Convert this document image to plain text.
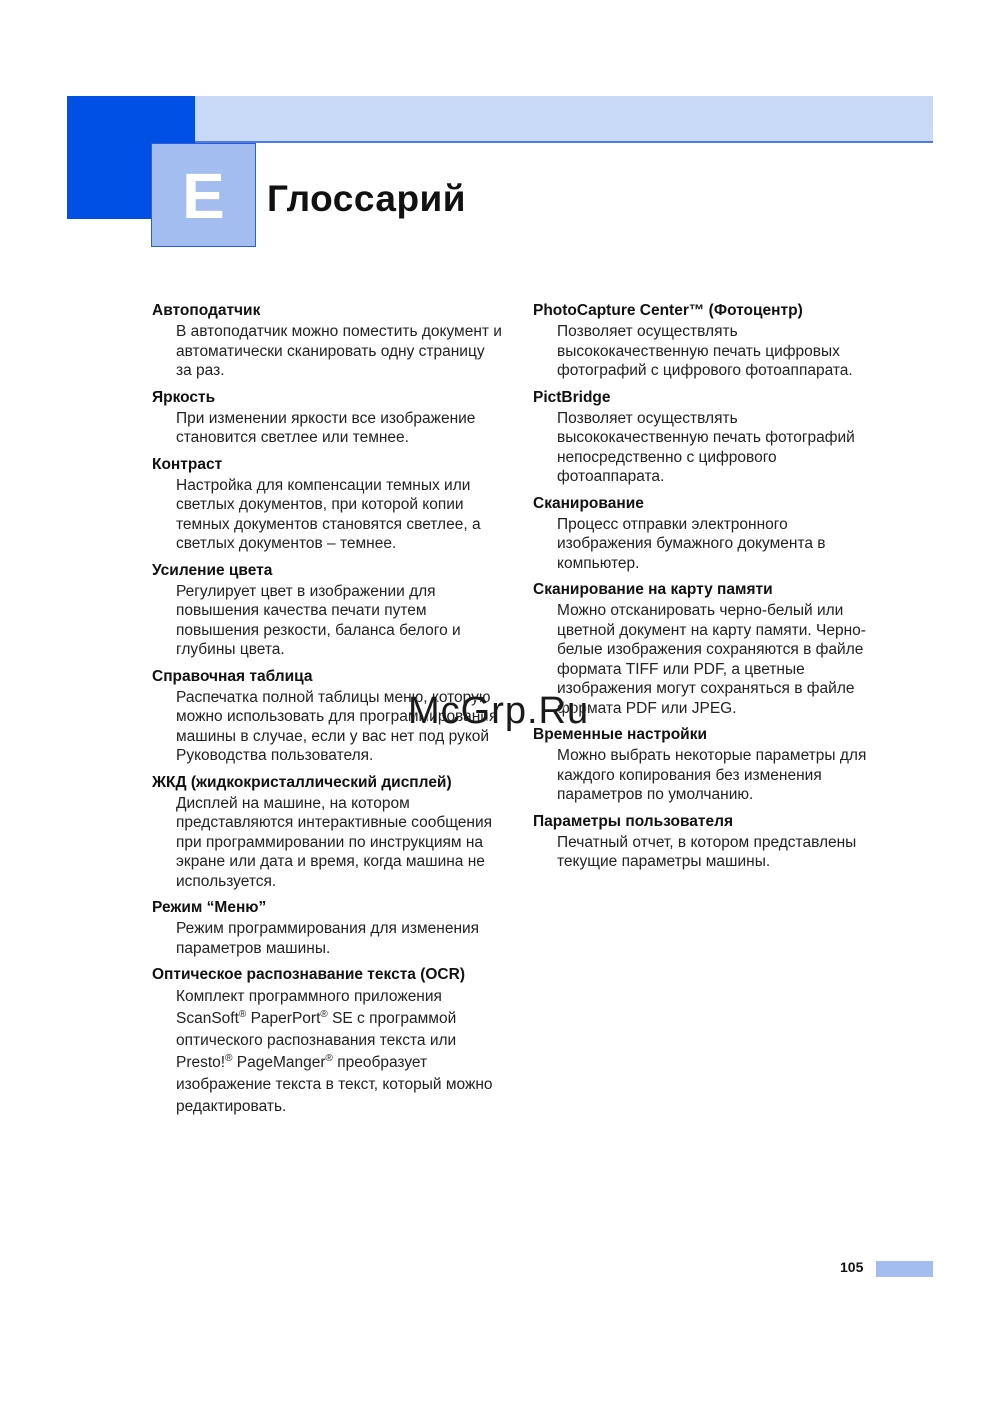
E	Глоссарий
Автоподатчик
В автоподатчик можно поместить документ и автоматически сканировать одну страницу за раз.
Яркость
При изменении яркости все изображение становится светлее или темнее.
Контраст
Настройка для компенсации темных или светлых документов, при которой копии темных документов становятся светлее, а светлых документов – темнее.
Усиление цвета
Регулирует цвет в изображении для повышения качества печати путем повышения резкости, баланса белого и глубины цвета.
Справочная таблица
Распечатка полной таблицы меню, которую можно использовать для программирования машины в случае, если у вас нет под рукой Руководства пользователя.
ЖКД (жидкокристаллический дисплей)
Дисплей на машине, на котором представляются интерактивные сообщения при программировании по инструкциям на экране или дата и время, когда машина не используется.
Режим “Меню”
Режим программирования для изменения параметров машины.
Оптическое распознавание текста (OCR)
Комплект программного приложения ScanSoft® PaperPort® SE с программой оптического распознавания текста или Presto!® PageManger® преобразует изображение текста в текст, который можно редактировать.
PhotoCapture Center™ (Фотоцентр)
Позволяет осуществлять высококачественную печать цифровых фотографий с цифрового фотоаппарата.
PictBridge
Позволяет осуществлять высококачественную печать фотографий непосредственно с цифрового фотоаппарата.
Сканирование
Процесс отправки электронного изображения бумажного документа в компьютер.
Сканирование на карту памяти
Можно отсканировать черно-белый или цветной документ на карту памяти. Черно-белые изображения сохраняются в файле формата TIFF или PDF, а цветные изображения могут сохраняться в файле формата PDF или JPEG.
Временные настройки
Можно выбрать некоторые параметры для каждого копирования без изменения параметров по умолчанию.
Параметры пользователя
Печатный отчет, в котором представлены текущие параметры машины.
McGrp.Ru
105
